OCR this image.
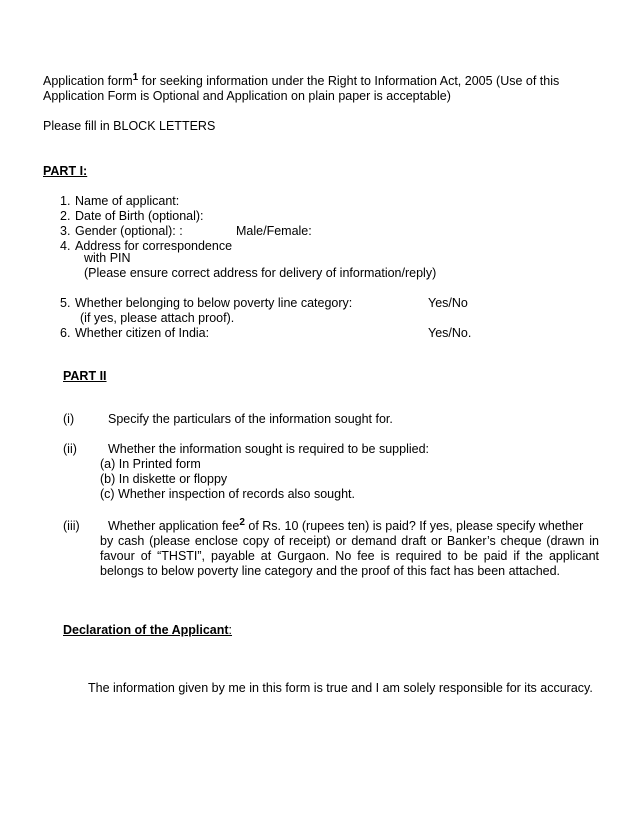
Application form$^1$ for seeking information under the Right to Information Act, 2005 (Use of this
Application Form is Optional and Application on plain paper is acceptable)
Please fill in BLOCK LETTERS
PART I:
1. Name of applicant:
2. Date of Birth (optional):
3. Gender (optional): :	Male/Female:
4. Address for correspondence
with PIN
(Please ensure correct address for delivery of information/reply)
5. Whether belonging to below poverty line category:	Yes/No
(if yes, please attach proof).
6. Whether citizen of India:	Yes/No.
PART II
(i)	Specify the particulars of the information sought for.
(ii) Whether the information sought is required to be supplied:
(a) In Printed form
(b) In diskette or floppy
(c) Whether inspection of records also sought.
(iii) Whether application fee$^2$ of Rs. 10 (rupees ten) is paid? If yes, please specify whether
by cash (please enclose copy of receipt) or demand draft or Banker’s cheque (drawn in favour of “THSTI”, payable at Gurgaon. No fee is required to be paid if the applicant belongs to below poverty line category and the proof of this fact has been attached.
Declaration of the Applicant:
The information given by me in this form is true and I am solely responsible for its accuracy.
